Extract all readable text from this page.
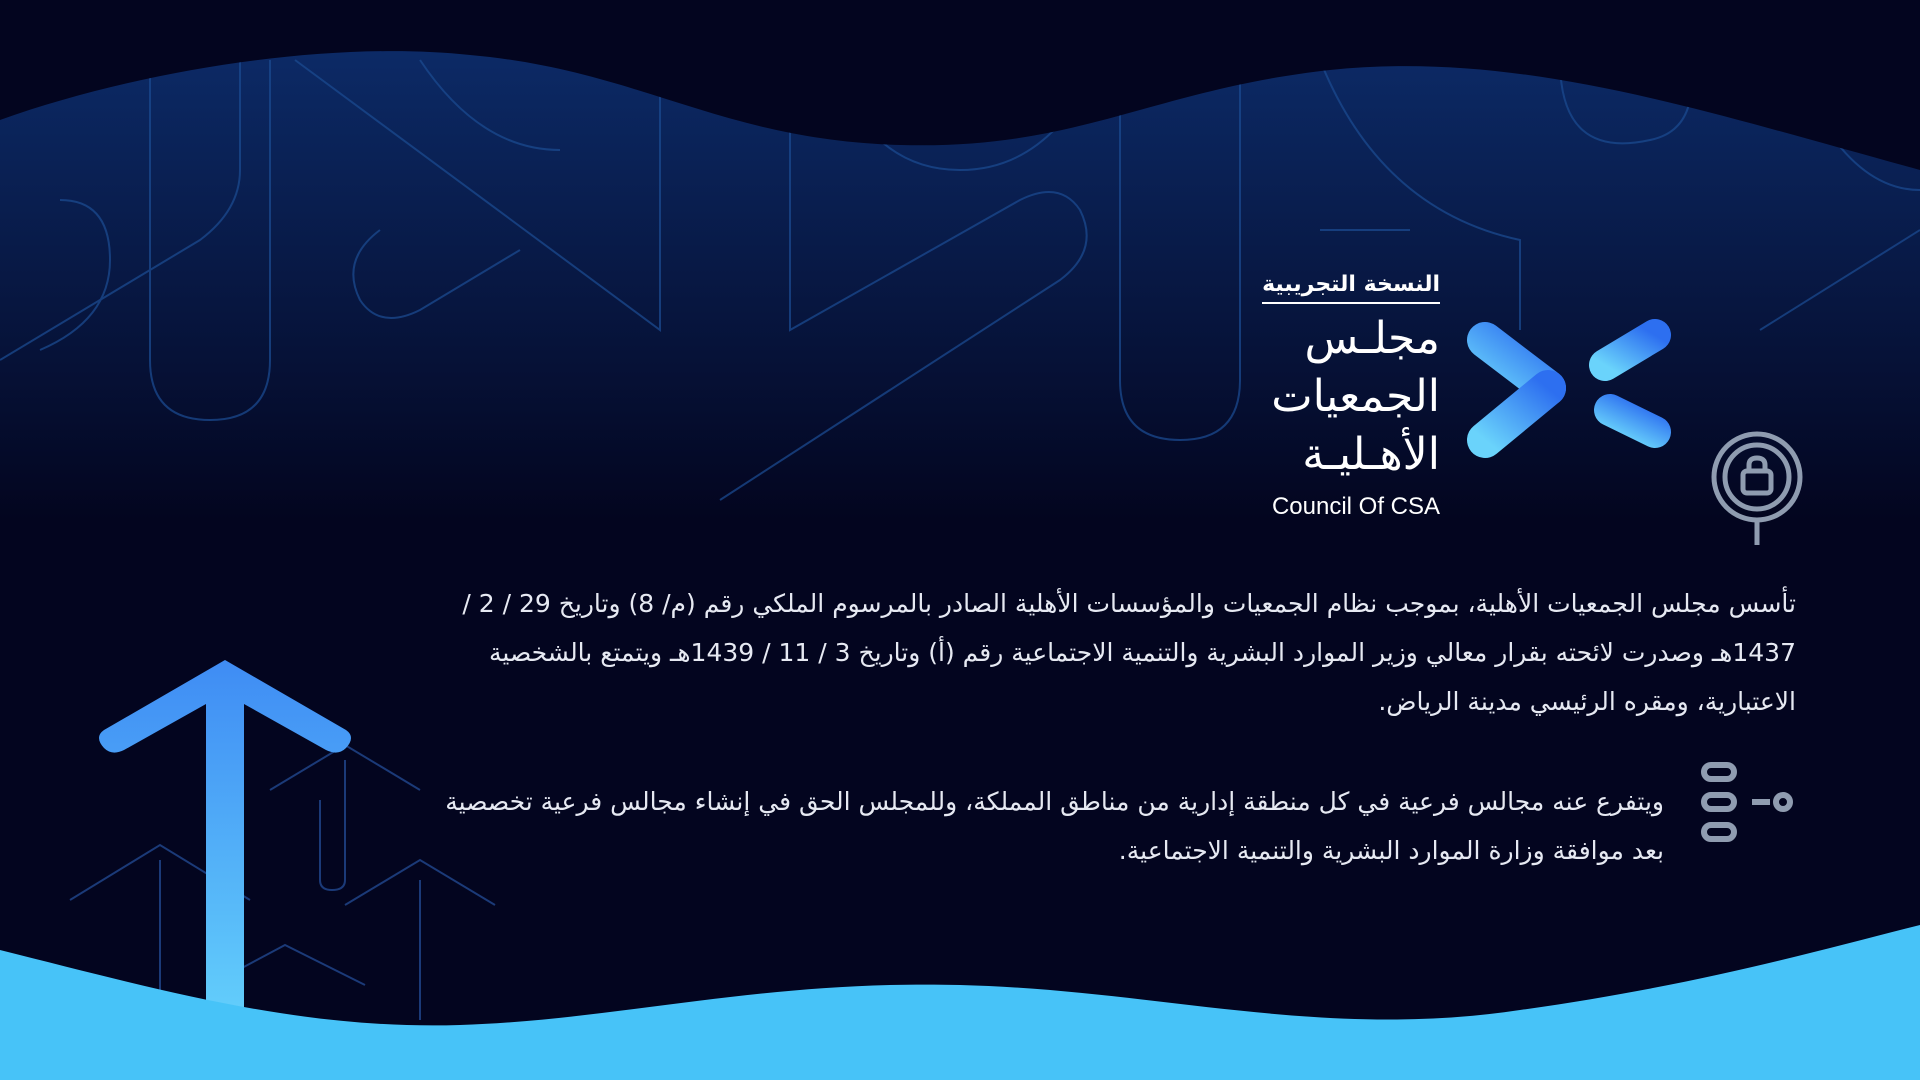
النسخة التجريبية
مجلـس
الجمعيات
الأهـليـة
Council Of CSA

تأسس مجلس الجمعيات الأهلية، بموجب نظام الجمعيات والمؤسسات الأهلية الصادر بالمرسوم الملكي رقم (م/ 8) وتاريخ 29 / 2 / 1437هـ وصدرت لائحته بقرار معالي وزير الموارد البشرية والتنمية الاجتماعية رقم (أ) وتاريخ 3 / 11 / 1439هـ ويتمتع بالشخصية الاعتبارية، ومقره الرئيسي مدينة الرياض.

ويتفرع عنه مجالس فرعية في كل منطقة إدارية من مناطق المملكة، وللمجلس الحق في إنشاء مجالس فرعية تخصصية بعد موافقة وزارة الموارد البشرية والتنمية الاجتماعية.
